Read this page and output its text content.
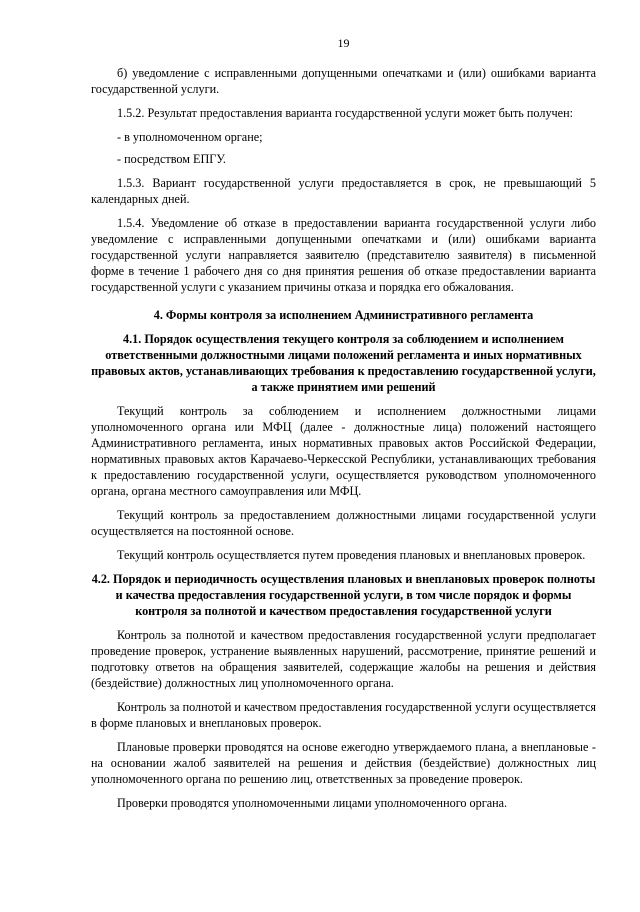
19

б) уведомление с исправленными допущенными опечатками и (или) ошибками варианта государственной услуги.

1.5.2. Результат предоставления варианта государственной услуги может быть получен:

- в уполномоченном органе;

- посредством ЕПГУ.

1.5.3. Вариант государственной услуги предоставляется в срок, не превышающий 5 календарных дней.

1.5.4. Уведомление об отказе в предоставлении варианта государственной услуги либо уведомление с исправленными допущенными опечатками и (или) ошибками варианта государственной услуги направляется заявителю (представителю заявителя) в письменной форме в течение 1 рабочего дня со дня принятия решения об отказе предоставлении варианта государственной услуги с указанием причины отказа и порядка его обжалования.

4. Формы контроля за исполнением Административного регламента
4.1. Порядок осуществления текущего контроля за соблюдением и исполнением ответственными должностными лицами положений регламента и иных нормативных правовых актов, устанавливающих требования к предоставлению государственной услуги, а также принятием ими решений

Текущий контроль за соблюдением и исполнением должностными лицами уполномоченного органа или МФЦ (далее - должностные лица) положений настоящего Административного регламента, иных нормативных правовых актов Российской Федерации, нормативных правовых актов Карачаево-Черкесской Республики, устанавливающих требования к предоставлению государственной услуги, осуществляется руководством уполномоченного органа, органа местного самоуправления или МФЦ.

Текущий контроль за предоставлением должностными лицами государственной услуги осуществляется на постоянной основе.

Текущий контроль осуществляется путем проведения плановых и внеплановых проверок.

4.2. Порядок и периодичность осуществления плановых и внеплановых проверок полноты и качества предоставления государственной услуги, в том числе порядок и формы контроля за полнотой и качеством предоставления государственной услуги

Контроль за полнотой и качеством предоставления государственной услуги предполагает проведение проверок, устранение выявленных нарушений, рассмотрение, принятие решений и подготовку ответов на обращения заявителей, содержащие жалобы на решения и действия (бездействие) должностных лиц уполномоченного органа.

Контроль за полнотой и качеством предоставления государственной услуги осуществляется в форме плановых и внеплановых проверок.

Плановые проверки проводятся на основе ежегодно утверждаемого плана, а внеплановые - на основании жалоб заявителей на решения и действия (бездействие) должностных лиц уполномоченного органа по решению лиц, ответственных за проведение проверок.

Проверки проводятся уполномоченными лицами уполномоченного органа.
